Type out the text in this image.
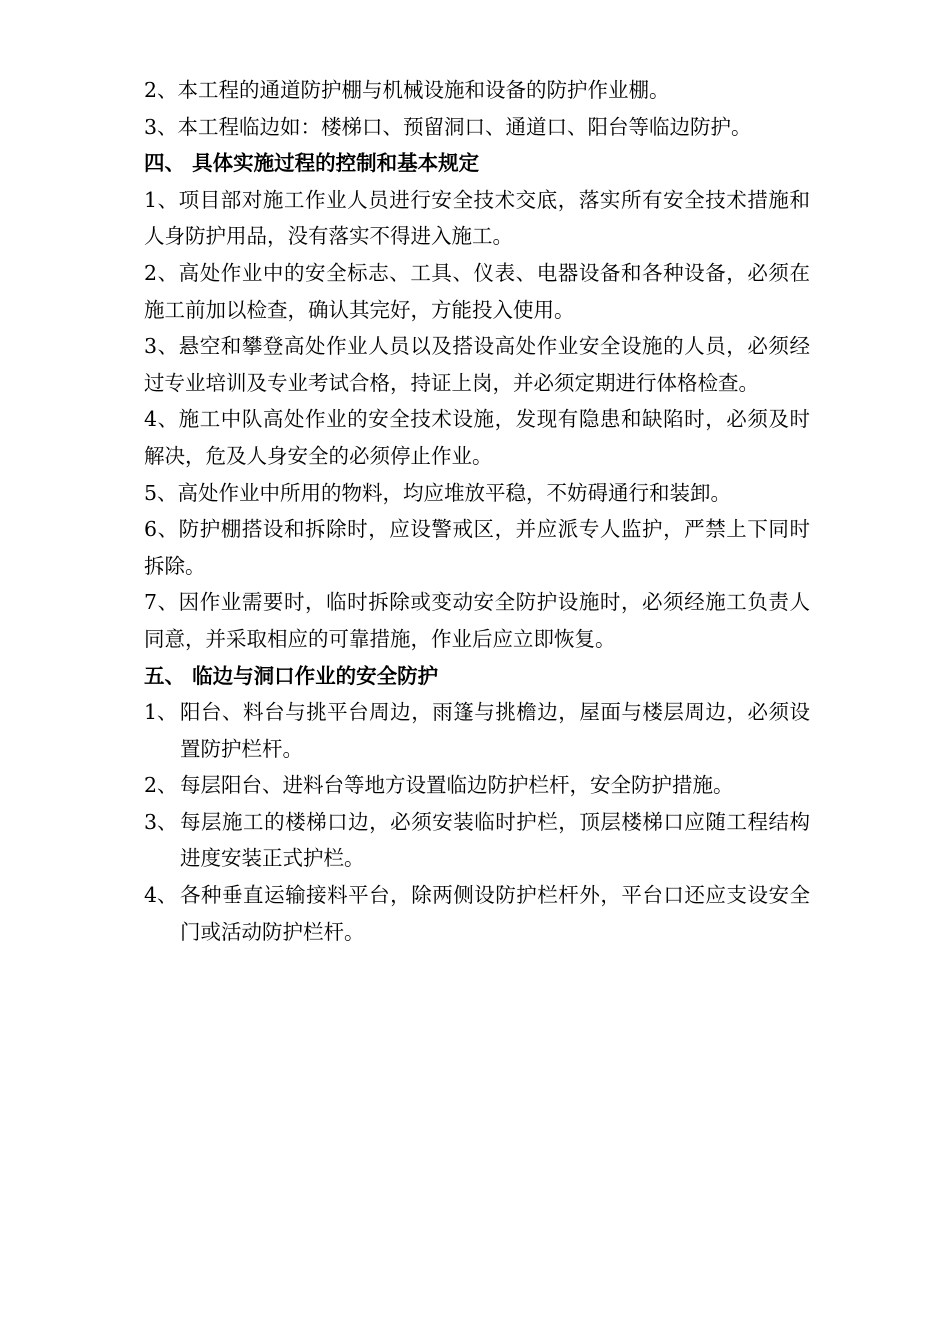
2、本工程的通道防护棚与机械设施和设备的防护作业棚。

3、本工程临边如：楼梯口、预留洞口、通道口、阳台等临边防护。

四、 具体实施过程的控制和基本规定

1、项目部对施工作业人员进行安全技术交底，落实所有安全技术措施和人身防护用品，没有落实不得进入施工。

2、高处作业中的安全标志、工具、仪表、电器设备和各种设备，必须在施工前加以检查，确认其完好，方能投入使用。

3、悬空和攀登高处作业人员以及搭设高处作业安全设施的人员，必须经过专业培训及专业考试合格，持证上岗，并必须定期进行体格检查。

4、施工中队高处作业的安全技术设施，发现有隐患和缺陷时，必须及时解决，危及人身安全的必须停止作业。

5、高处作业中所用的物料，均应堆放平稳，不妨碍通行和装卸。

6、防护棚搭设和拆除时，应设警戒区，并应派专人监护，严禁上下同时拆除。

7、因作业需要时，临时拆除或变动安全防护设施时，必须经施工负责人同意，并采取相应的可靠措施，作业后应立即恢复。

五、 临边与洞口作业的安全防护

1、 阳台、料台与挑平台周边，雨篷与挑檐边，屋面与楼层周边，必须设置防护栏杆。
2、 每层阳台、进料台等地方设置临边防护栏杆，安全防护措施。
3、 每层施工的楼梯口边，必须安装临时护栏，顶层楼梯口应随工程结构进度安装正式护栏。
4、 各种垂直运输接料平台，除两侧设防护栏杆外，平台口还应支设安全门或活动防护栏杆。
